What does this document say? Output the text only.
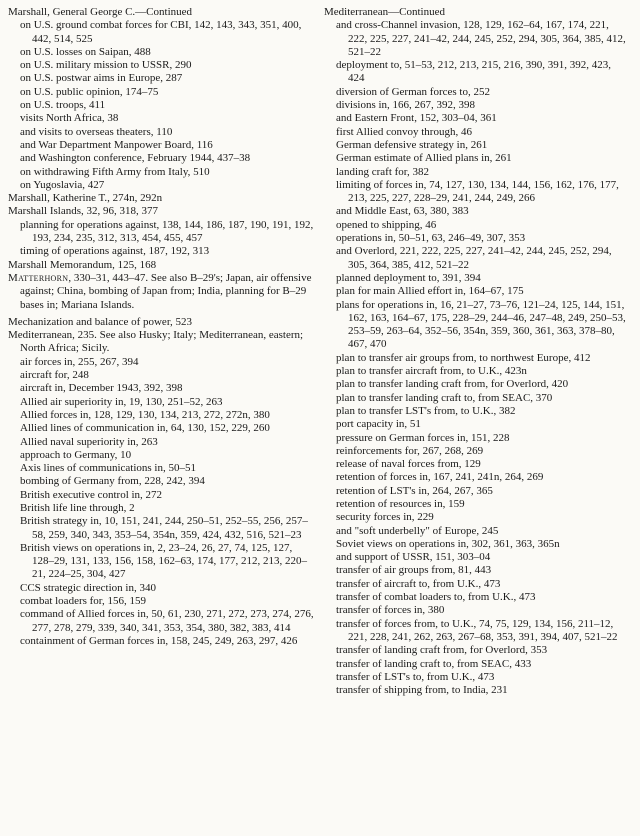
Marshall, General George C.—Continued

on U.S. ground combat forces for CBI, 142, 143, 343, 351, 400, 442, 514, 525

on U.S. losses on Saipan, 488

on U.S. military mission to USSR, 290

on U.S. postwar aims in Europe, 287

on U.S. public opinion, 174–75

on U.S. troops, 411

visits North Africa, 38

and visits to overseas theaters, 110

and War Department Manpower Board, 116

and Washington conference, February 1944, 437–38

on withdrawing Fifth Army from Italy, 510

on Yugoslavia, 427

Marshall, Katherine T., 274n, 292n

Marshall Islands, 32, 96, 318, 377

planning for operations against, 138, 144, 186, 187, 190, 191, 192, 193, 234, 235, 312, 313, 454, 455, 457

timing of operations against, 187, 192, 313

Marshall Memorandum, 125, 168

Matterhorn, 330–31, 443–47. See also B–29's; Japan, air offensive against; China, bombing of Japan from; India, planning for B–29 bases in; Mariana Islands.

Mechanization and balance of power, 523

Mediterranean, 235. See also Husky; Italy; Mediterranean, eastern; North Africa; Sicily.

air forces in, 255, 267, 394

aircraft for, 248

aircraft in, December 1943, 392, 398

Allied air superiority in, 19, 130, 251–52, 263

Allied forces in, 128, 129, 130, 134, 213, 272, 272n, 380

Allied lines of communication in, 64, 130, 152, 229, 260

Allied naval superiority in, 263

approach to Germany, 10

Axis lines of communications in, 50–51

bombing of Germany from, 228, 242, 394

British executive control in, 272

British life line through, 2

British strategy in, 10, 151, 241, 244, 250–51, 252–55, 256, 257–58, 259, 340, 343, 353–54, 354n, 359, 424, 432, 516, 521–23

British views on operations in, 2, 23–24, 26, 27, 74, 125, 127, 128–29, 131, 133, 156, 158, 162–63, 174, 177, 212, 213, 220–21, 224–25, 304, 427

CCS strategic direction in, 340

combat loaders for, 156, 159

command of Allied forces in, 50, 61, 230, 271, 272, 273, 274, 276, 277, 278, 279, 339, 340, 341, 353, 354, 380, 382, 383, 414

containment of German forces in, 158, 245, 249, 263, 297, 426

Mediterranean—Continued

and cross-Channel invasion, 128, 129, 162–64, 167, 174, 221, 222, 225, 227, 241–42, 244, 245, 252, 294, 305, 364, 385, 412, 521–22

deployment to, 51–53, 212, 213, 215, 216, 390, 391, 392, 423, 424

diversion of German forces to, 252

divisions in, 166, 267, 392, 398

and Eastern Front, 152, 303–04, 361

first Allied convoy through, 46

German defensive strategy in, 261

German estimate of Allied plans in, 261

landing craft for, 382

limiting of forces in, 74, 127, 130, 134, 144, 156, 162, 176, 177, 213, 225, 227, 228–29, 241, 244, 249, 266

and Middle East, 63, 380, 383

opened to shipping, 46

operations in, 50–51, 63, 246–49, 307, 353

and Overlord, 221, 222, 225, 227, 241–42, 244, 245, 252, 294, 305, 364, 385, 412, 521–22

planned deployment to, 391, 394

plan for main Allied effort in, 164–67, 175

plans for operations in, 16, 21–27, 73–76, 121–24, 125, 144, 151, 162, 163, 164–67, 175, 228–29, 244–46, 247–48, 249, 250–53, 253–59, 263–64, 352–56, 354n, 359, 360, 361, 363, 378–80, 467, 470

plan to transfer air groups from, to northwest Europe, 412

plan to transfer aircraft from, to U.K., 423n

plan to transfer landing craft from, for Overlord, 420

plan to transfer landing craft to, from SEAC, 370

plan to transfer LST's from, to U.K., 382

port capacity in, 51

pressure on German forces in, 151, 228

reinforcements for, 267, 268, 269

release of naval forces from, 129

retention of forces in, 167, 241, 241n, 264, 269

retention of LST's in, 264, 267, 365

retention of resources in, 159

security forces in, 229

and "soft underbelly" of Europe, 245

Soviet views on operations in, 302, 361, 363, 365n

and support of USSR, 151, 303–04

transfer of air groups from, 81, 443

transfer of aircraft to, from U.K., 473

transfer of combat loaders to, from U.K., 473

transfer of forces in, 380

transfer of forces from, to U.K., 74, 75, 129, 134, 156, 211–12, 221, 228, 241, 262, 263, 267–68, 353, 391, 394, 407, 521–22

transfer of landing craft from, for Overlord, 353

transfer of landing craft to, from SEAC, 433

transfer of LST's to, from U.K., 473

transfer of shipping from, to India, 231
